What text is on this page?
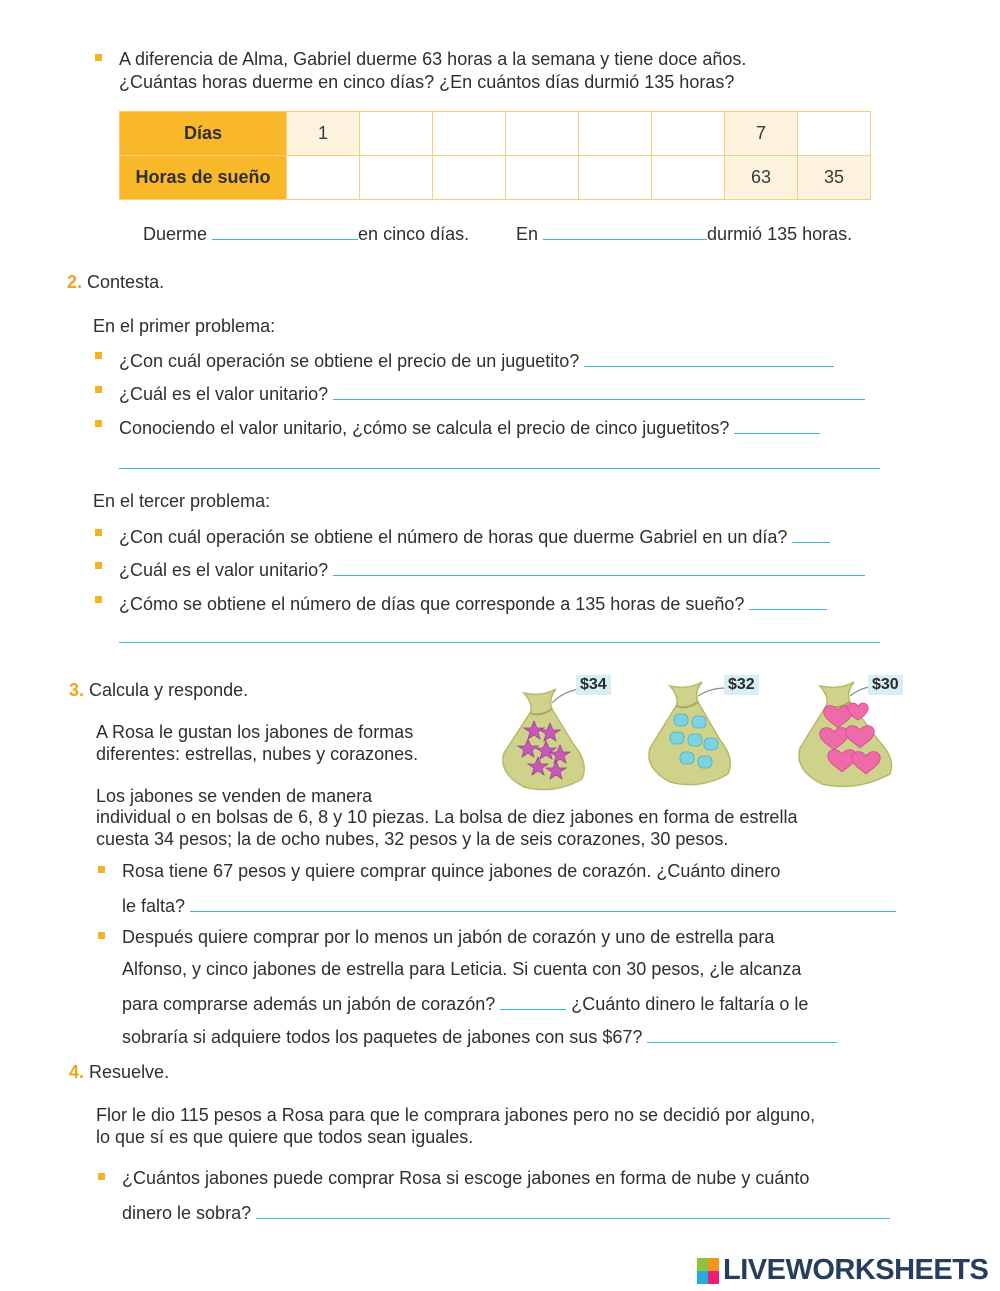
A diferencia de Alma, Gabriel duerme 63 horas a la semana y tiene doce años.
¿Cuántas horas duerme en cinco días? ¿En cuántos días durmió 135 horas?
Días	1						7	
Horas de sueño							63	35
Duerme	en cinco días.	En	durmió 135 horas.
2. Contesta.
En el primer problema:
¿Con cuál operación se obtiene el precio de un juguetito?
¿Cuál es el valor unitario?
Conociendo el valor unitario, ¿cómo se calcula el precio de cinco juguetitos?
En el tercer problema:
¿Con cuál operación se obtiene el número de horas que duerme Gabriel en un día?
¿Cuál es el valor unitario?
¿Cómo se obtiene el número de días que corresponde a 135 horas de sueño?
3. Calcula y responde.
A Rosa le gustan los jabones de formas
diferentes: estrellas, nubes y corazones.
Los jabones se venden de manera
individual o en bolsas de 6, 8 y 10 piezas. La bolsa de diez jabones en forma de estrella
cuesta 34 pesos; la de ocho nubes, 32 pesos y la de seis corazones, 30 pesos.
$34	$32	$30
Rosa tiene 67 pesos y quiere comprar quince jabones de corazón. ¿Cuánto dinero
le falta?
Después quiere comprar por lo menos un jabón de corazón y uno de estrella para
Alfonso, y cinco jabones de estrella para Leticia. Si cuenta con 30 pesos, ¿le alcanza
para comprarse además un jabón de corazón?	¿Cuánto dinero le faltaría o le
sobraría si adquiere todos los paquetes de jabones con sus $67?
4. Resuelve.
Flor le dio 115 pesos a Rosa para que le comprara jabones pero no se decidió por alguno,
lo que sí es que quiere que todos sean iguales.
¿Cuántos jabones puede comprar Rosa si escoge jabones en forma de nube y cuánto
dinero le sobra?
LIVEWORKSHEETS
